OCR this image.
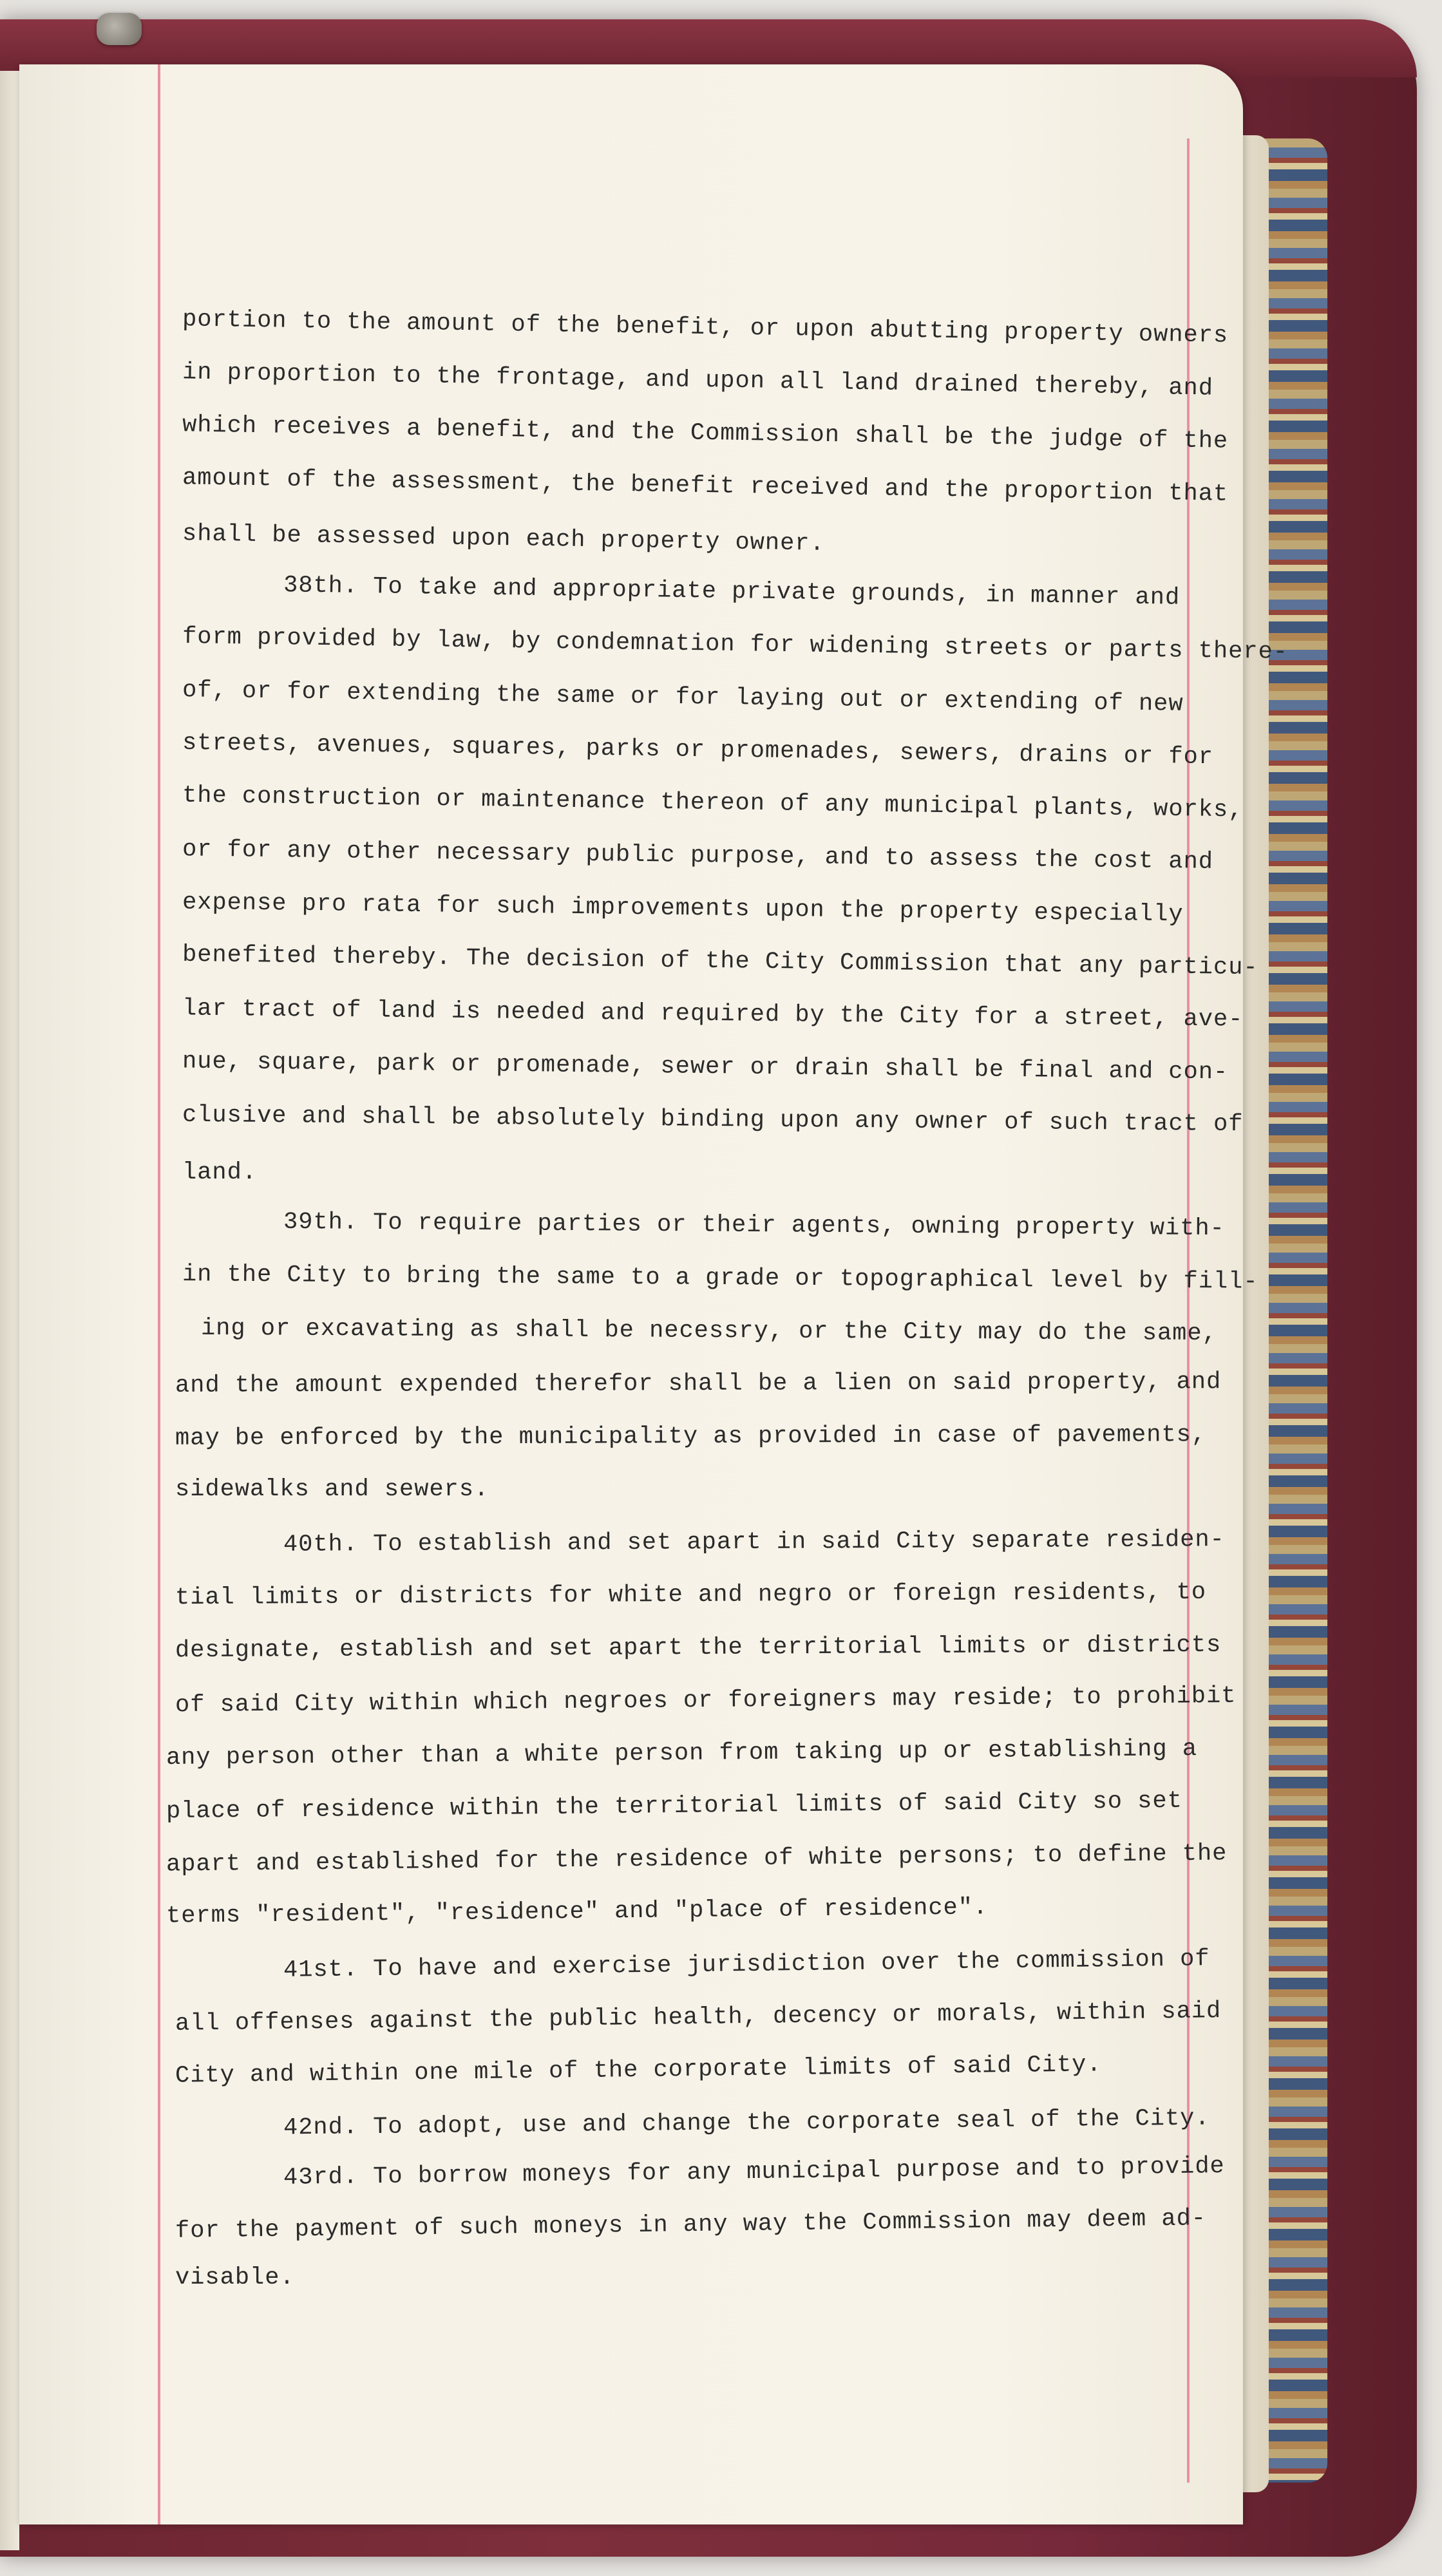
portion to the amount of the benefit, or upon abutting property owners
in proportion to the frontage, and upon all land drained thereby, and
which receives a benefit, and the Commission shall be the judge of the
amount of the assessment, the benefit received and the proportion that
shall be assessed upon each property owner.
38th. To take and appropriate private grounds, in manner and
form provided by law, by condemnation for widening streets or parts there-
of, or for extending the same or for laying out or extending of new
streets, avenues, squares, parks or promenades, sewers, drains or for
the construction or maintenance thereon of any municipal plants, works,
or for any other necessary public purpose, and to assess the cost and
expense pro rata for such improvements upon the property especially
benefited thereby. The decision of the City Commission that any particu-
lar tract of land is needed and required by the City for a street, ave-
nue, square, park or promenade, sewer or drain shall be final and con-
clusive and shall be absolutely binding upon any owner of such tract of
land.
39th. To require parties or their agents, owning property with-
in the City to bring the same to a grade or topographical level by fill-
ing or excavating as shall be necessry, or the City may do the same,
and the amount expended therefor shall be a lien on said property, and
may be enforced by the municipality as provided in case of pavements,
sidewalks and sewers.
40th. To establish and set apart in said City separate residen-
tial limits or districts for white and negro or foreign residents, to
designate, establish and set apart the territorial limits or districts
of said City within which negroes or foreigners may reside; to prohibit
any person other than a white person from taking up or establishing a
place of residence within the territorial limits of said City so set
apart and established for the residence of white persons; to define the
terms "resident", "residence" and "place of residence".
41st. To have and exercise jurisdiction over the commission of
all offenses against the public health, decency or morals, within said
City and within one mile of the corporate limits of said City.
42nd. To adopt, use and change the corporate seal of the City.
43rd. To borrow moneys for any municipal purpose and to provide
for the payment of such moneys in any way the Commission may deem ad-
visable.
